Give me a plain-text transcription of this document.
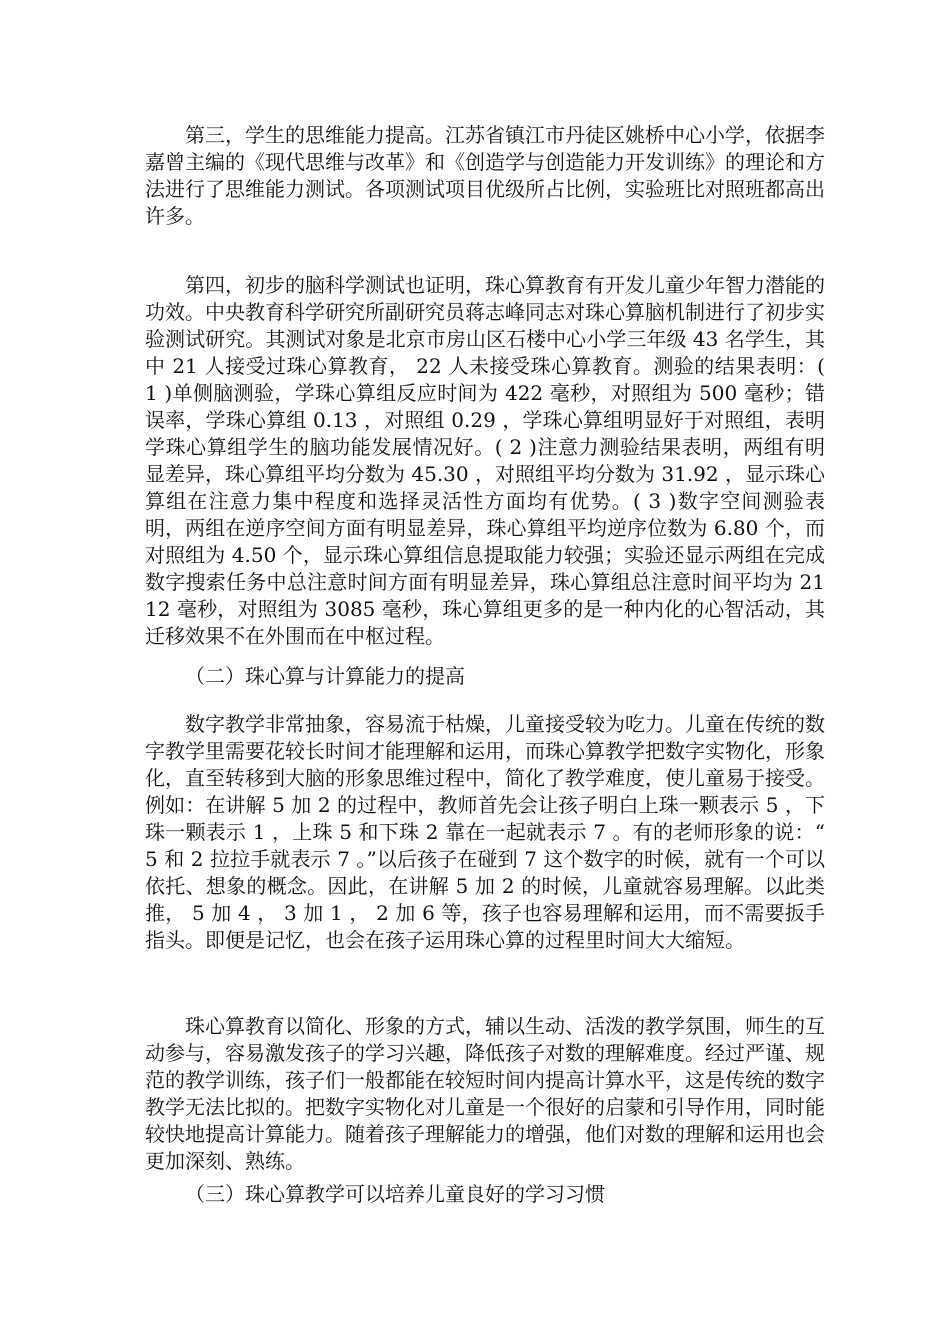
第三，学生的思维能力提高。江苏省镇江市丹徒区姚桥中心小学，依据李嘉曾主编的《现代思维与改革》和《创造学与创造能力开发训练》的理论和方法进行了思维能力测试。各项测试项目优级所占比例，实验班比对照班都高出许多。

第四，初步的脑科学测试也证明，珠心算教育有开发儿童少年智力潜能的功效。中央教育科学研究所副研究员蒋志峰同志对珠心算脑机制进行了初步实验测试研究。其测试对象是北京市房山区石楼中心小学三年级 43 名学生，其中 21 人接受过珠心算教育， 22 人未接受珠心算教育。测验的结果表明：( 1 )单侧脑测验，学珠心算组反应时间为 422 毫秒，对照组为 500 毫秒；错误率，学珠心算组 0.13 ，对照组 0.29 ，学珠心算组明显好于对照组，表明学珠心算组学生的脑功能发展情况好。( 2 )注意力测验结果表明，两组有明显差异，珠心算组平均分数为 45.30 ，对照组平均分数为 31.92 ，显示珠心算组在注意力集中程度和选择灵活性方面均有优势。( 3 )数字空间测验表明，两组在逆序空间方面有明显差异，珠心算组平均逆序位数为 6.80 个，而对照组为 4.50 个，显示珠心算组信息提取能力较强；实验还显示两组在完成数字搜索任务中总注意时间方面有明显差异，珠心算组总注意时间平均为 2112 毫秒，对照组为 3085 毫秒，珠心算组更多的是一种内化的心智活动，其迁移效果不在外围而在中枢过程。

（二）珠心算与计算能力的提高

数字教学非常抽象，容易流于枯燥，儿童接受较为吃力。儿童在传统的数字教学里需要花较长时间才能理解和运用，而珠心算教学把数字实物化，形象化，直至转移到大脑的形象思维过程中，简化了教学难度，使儿童易于接受。例如：在讲解 5 加 2 的过程中，教师首先会让孩子明白上珠一颗表示 5 ，下珠一颗表示 1 ，上珠 5 和下珠 2 靠在一起就表示 7 。有的老师形象的说：“ 5 和 2 拉拉手就表示 7 。”以后孩子在碰到 7 这个数字的时候，就有一个可以依托、想象的概念。因此，在讲解 5 加 2 的时候，儿童就容易理解。以此类推， 5 加 4 ， 3 加 1 ， 2 加 6 等，孩子也容易理解和运用，而不需要扳手指头。即便是记忆，也会在孩子运用珠心算的过程里时间大大缩短。

珠心算教育以简化、形象的方式，辅以生动、活泼的教学氛围，师生的互动参与，容易激发孩子的学习兴趣，降低孩子对数的理解难度。经过严谨、规范的教学训练，孩子们一般都能在较短时间内提高计算水平，这是传统的数字教学无法比拟的。把数字实物化对儿童是一个很好的启蒙和引导作用，同时能较快地提高计算能力。随着孩子理解能力的增强，他们对数的理解和运用也会更加深刻、熟练。

（三）珠心算教学可以培养儿童良好的学习习惯
